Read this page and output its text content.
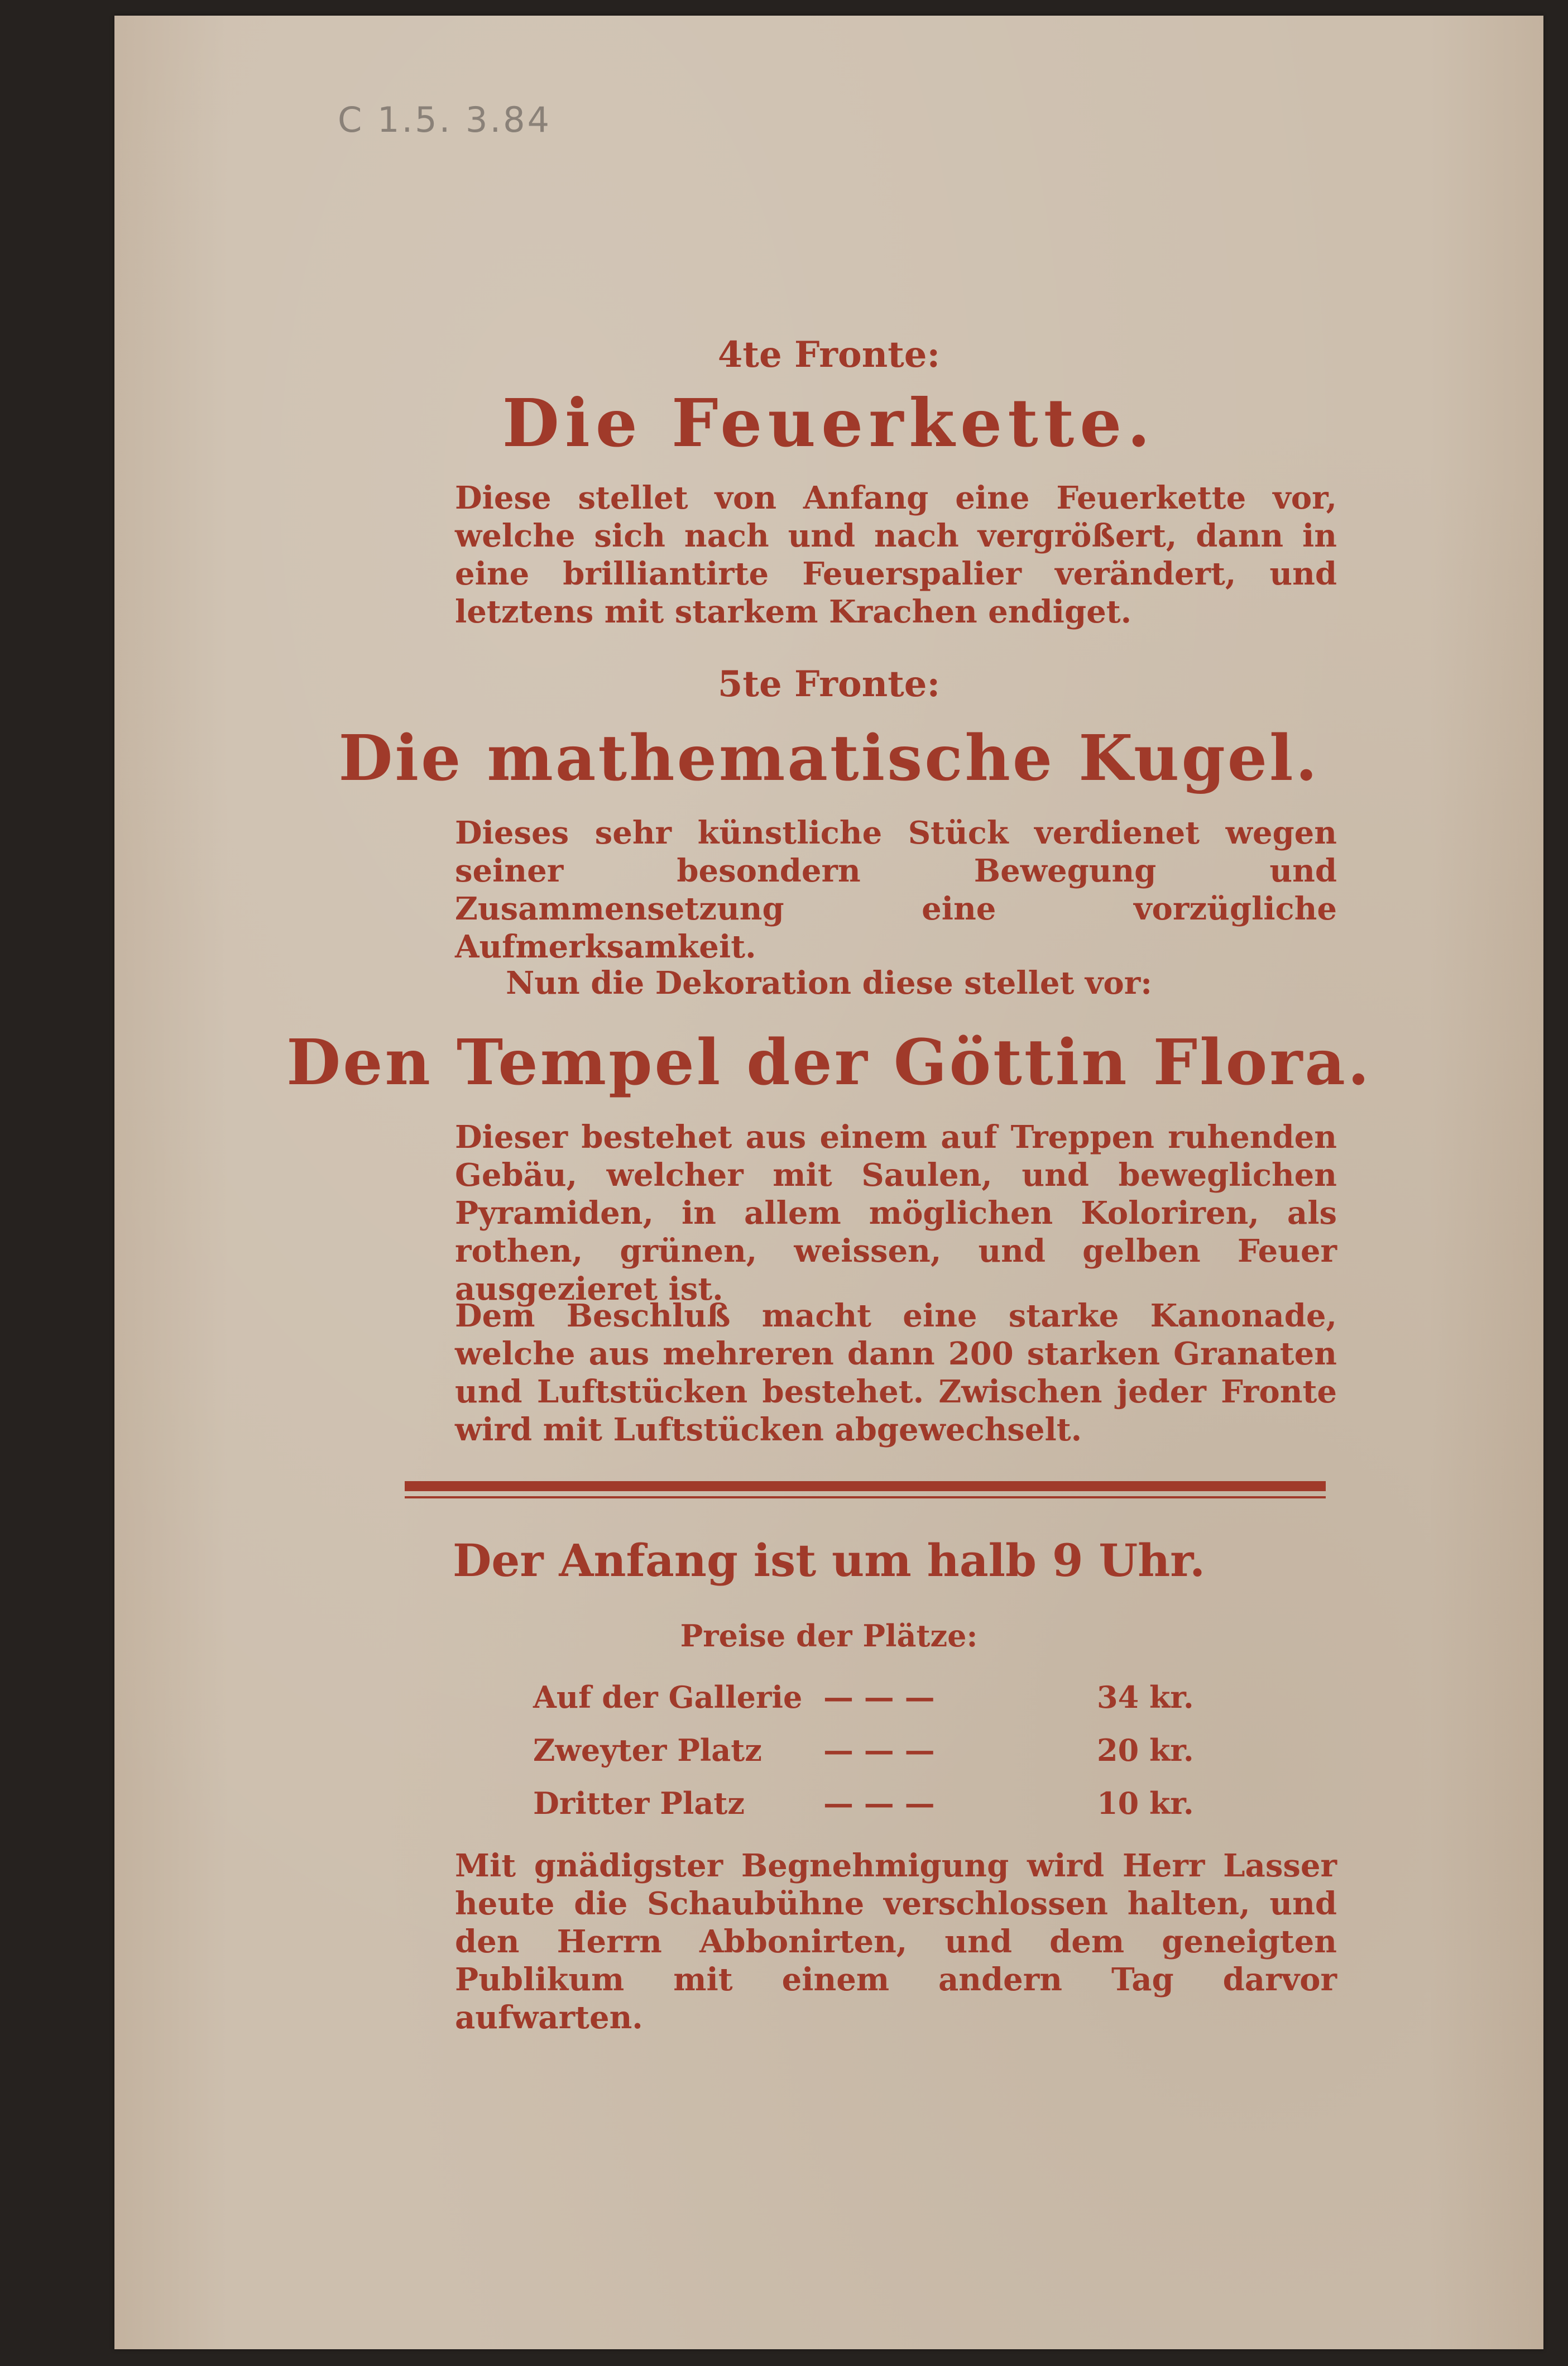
C 1.5. 3.84
4te Fronte:
Die Feuerkette.
Diese stellet von Anfang eine Feuerkette vor, welche sich nach und nach vergrößert, dann in eine brilliantirte Feuerspalier verändert, und letztens mit starkem Krachen endiget.
5te Fronte:
Die mathematische Kugel.
Dieses sehr künstliche Stück verdienet wegen seiner besondern Bewegung und Zusammensetzung eine vorzügliche Aufmerksamkeit.
Nun die Dekoration diese stellet vor:
Den Tempel der Göttin Flora.
Dieser bestehet aus einem auf Treppen ruhenden Gebäu, welcher mit Saulen, und beweglichen Pyramiden, in allem möglichen Koloriren, als rothen, grünen, weissen, und gelben Feuer ausgezieret ist.
Dem Beschluß macht eine starke Kanonade, welche aus mehreren dann 200 starken Granaten und Luftstücken bestehet. Zwischen jeder Fronte wird mit Luftstücken abgewechselt.
Der Anfang ist um halb 9 Uhr.
Preise der Plätze:
Auf der Gallerie — — —	34 kr.
Zweyter Platz — — —	20 kr.
Dritter Platz	— — —	10 kr.
Mit gnädigster Begnehmigung wird Herr Lasser heute die Schaubühne verschlossen halten, und den Herrn Abbonirten, und dem geneigten Publikum mit einem andern Tag darvor aufwarten.
